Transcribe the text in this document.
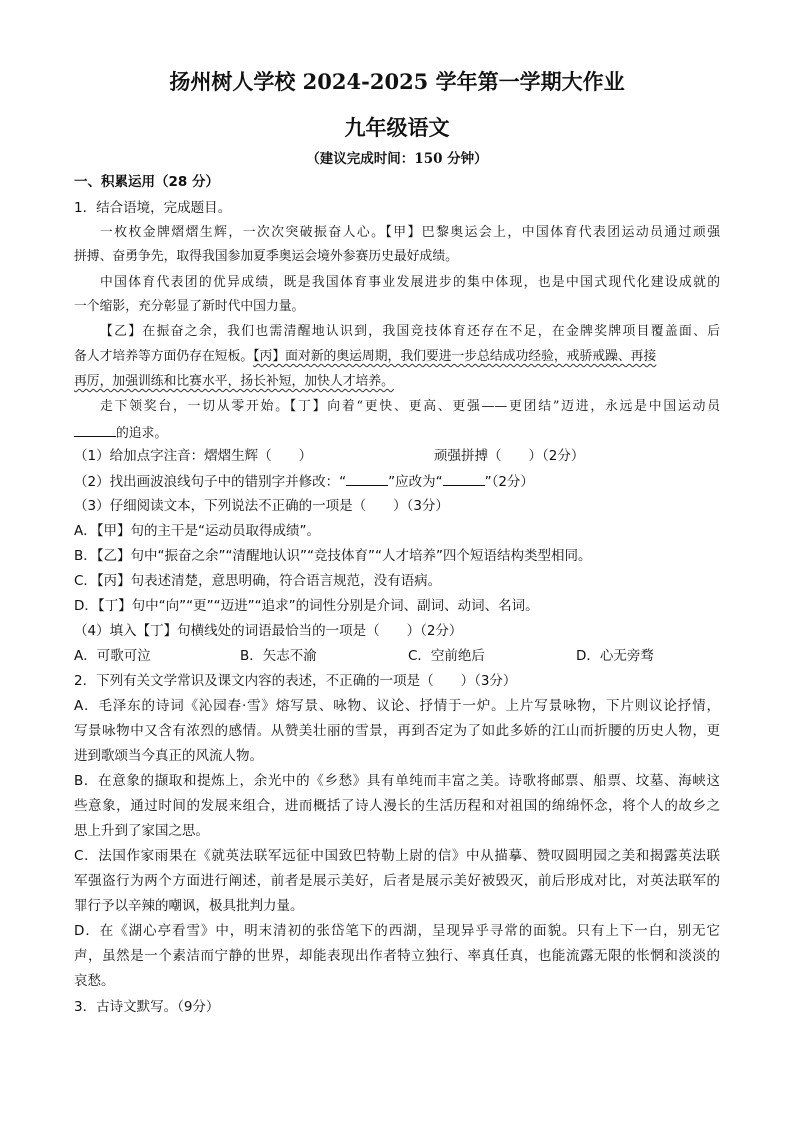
扬州树人学校 2024-2025 学年第一学期大作业
九年级语文
（建议完成时间：150 分钟）
一、积累运用（28 分）
1．结合语境，完成题目。
一枚枚金牌熠熠生辉，一次次突破振奋人心。【甲】巴黎奥运会上，中国体育代表团运动员通过顽强
拼搏、奋勇争先，取得我国参加夏季奥运会境外参赛历史最好成绩。
中国体育代表团的优异成绩，既是我国体育事业发展进步的集中体现，也是中国式现代化建设成就的
一个缩影，充分彰显了新时代中国力量。
【乙】在振奋之余，我们也需清醒地认识到，我国竞技体育还存在不足，在金牌奖牌项目覆盖面、后
备人才培养等方面仍存在短板。【丙】面对新的奥运周期，我们要进一步总结成功经验，戒骄戒躁、再接
再厉，加强训练和比赛水平，扬长补短，加快人才培养。
走下领奖台，一切从零开始。【丁】向着“更快、更高、更强——更团结”迈进，永远是中国运动员
的追求。
（1）给加点字注音：熠熠生辉（　　）	顽强拼搏（　　）（2分）
（2）找出画波浪线句子中的错别字并修改：“	”应改为“	”（2分）
（3）仔细阅读文本，下列说法不正确的一项是（　　）（3分）
A．【甲】句的主干是“运动员取得成绩”。
B．【乙】句中“振奋之余”“清醒地认识”“竞技体育”“人才培养”四个短语结构类型相同。
C．【丙】句表述清楚，意思明确，符合语言规范，没有语病。
D．【丁】句中“向”“更”“迈进”“追求”的词性分别是介词、副词、动词、名词。
（4）填入【丁】句横线处的词语最恰当的一项是（　　）（2分）
A．可歌可泣	B．矢志不渝	C．空前绝后	D．心无旁骛
2．下列有关文学常识及课文内容的表述，不正确的一项是（　　）（3分）
A．毛泽东的诗词《沁园春·雪》熔写景、咏物、议论、抒情于一炉。上片写景咏物，下片则议论抒情，
写景咏物中又含有浓烈的感情。从赞美壮丽的雪景，再到否定为了如此多娇的江山而折腰的历史人物，更
进到歌颂当今真正的风流人物。
B．在意象的撷取和提炼上，余光中的《乡愁》具有单纯而丰富之美。诗歌将邮票、船票、坟墓、海峡这
些意象，通过时间的发展来组合，进而概括了诗人漫长的生活历程和对祖国的绵绵怀念，将个人的故乡之
思上升到了家国之思。
C．法国作家雨果在《就英法联军远征中国致巴特勒上尉的信》中从描摹、赞叹圆明园之美和揭露英法联
军强盗行为两个方面进行阐述，前者是展示美好，后者是展示美好被毁灭，前后形成对比，对英法联军的
罪行予以辛辣的嘲讽，极具批判力量。
D．在《湖心亭看雪》中，明末清初的张岱笔下的西湖，呈现异乎寻常的面貌。只有上下一白，别无它
声，虽然是一个素洁而宁静的世界，却能表现出作者特立独行、率真任真，也能流露无限的怅惘和淡淡的
哀愁。
3．古诗文默写。（9分）
